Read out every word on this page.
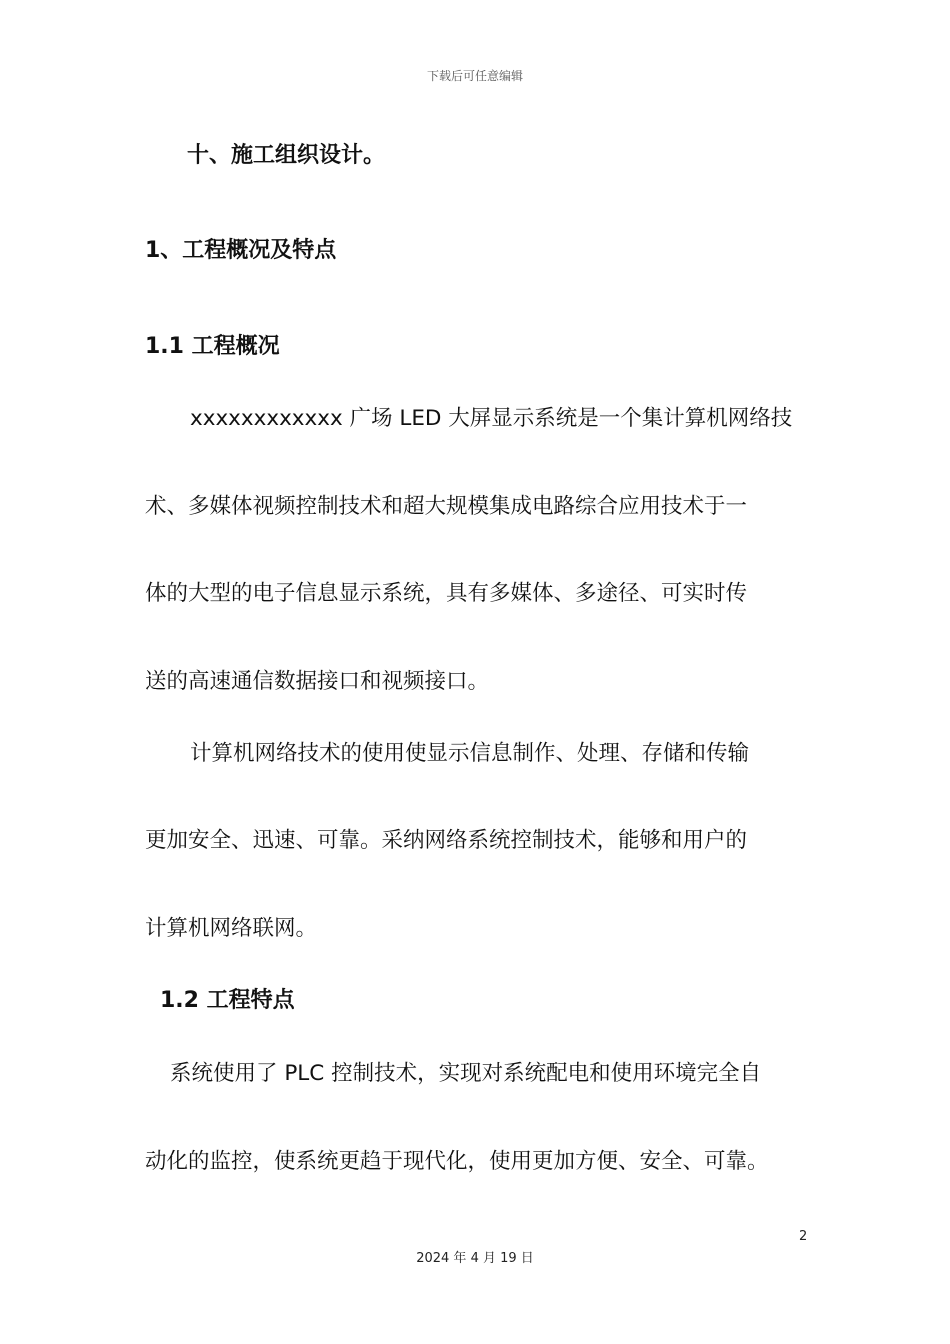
下载后可任意编辑
十、施工组织设计。
1、工程概况及特点
1.1 工程概况
xxxxxxxxxxxx 广场 LED 大屏显示系统是一个集计算机网络技
术、多媒体视频控制技术和超大规模集成电路综合应用技术于一
体的大型的电子信息显示系统，具有多媒体、多途径、可实时传
送的高速通信数据接口和视频接口。
计算机网络技术的使用使显示信息制作、处理、存储和传输
更加安全、迅速、可靠。采纳网络系统控制技术，能够和用户的
计算机网络联网。
1.2 工程特点
系统使用了 PLC 控制技术，实现对系统配电和使用环境完全自
动化的监控，使系统更趋于现代化，使用更加方便、安全、可靠。
2
2024 年 4 月 19 日
